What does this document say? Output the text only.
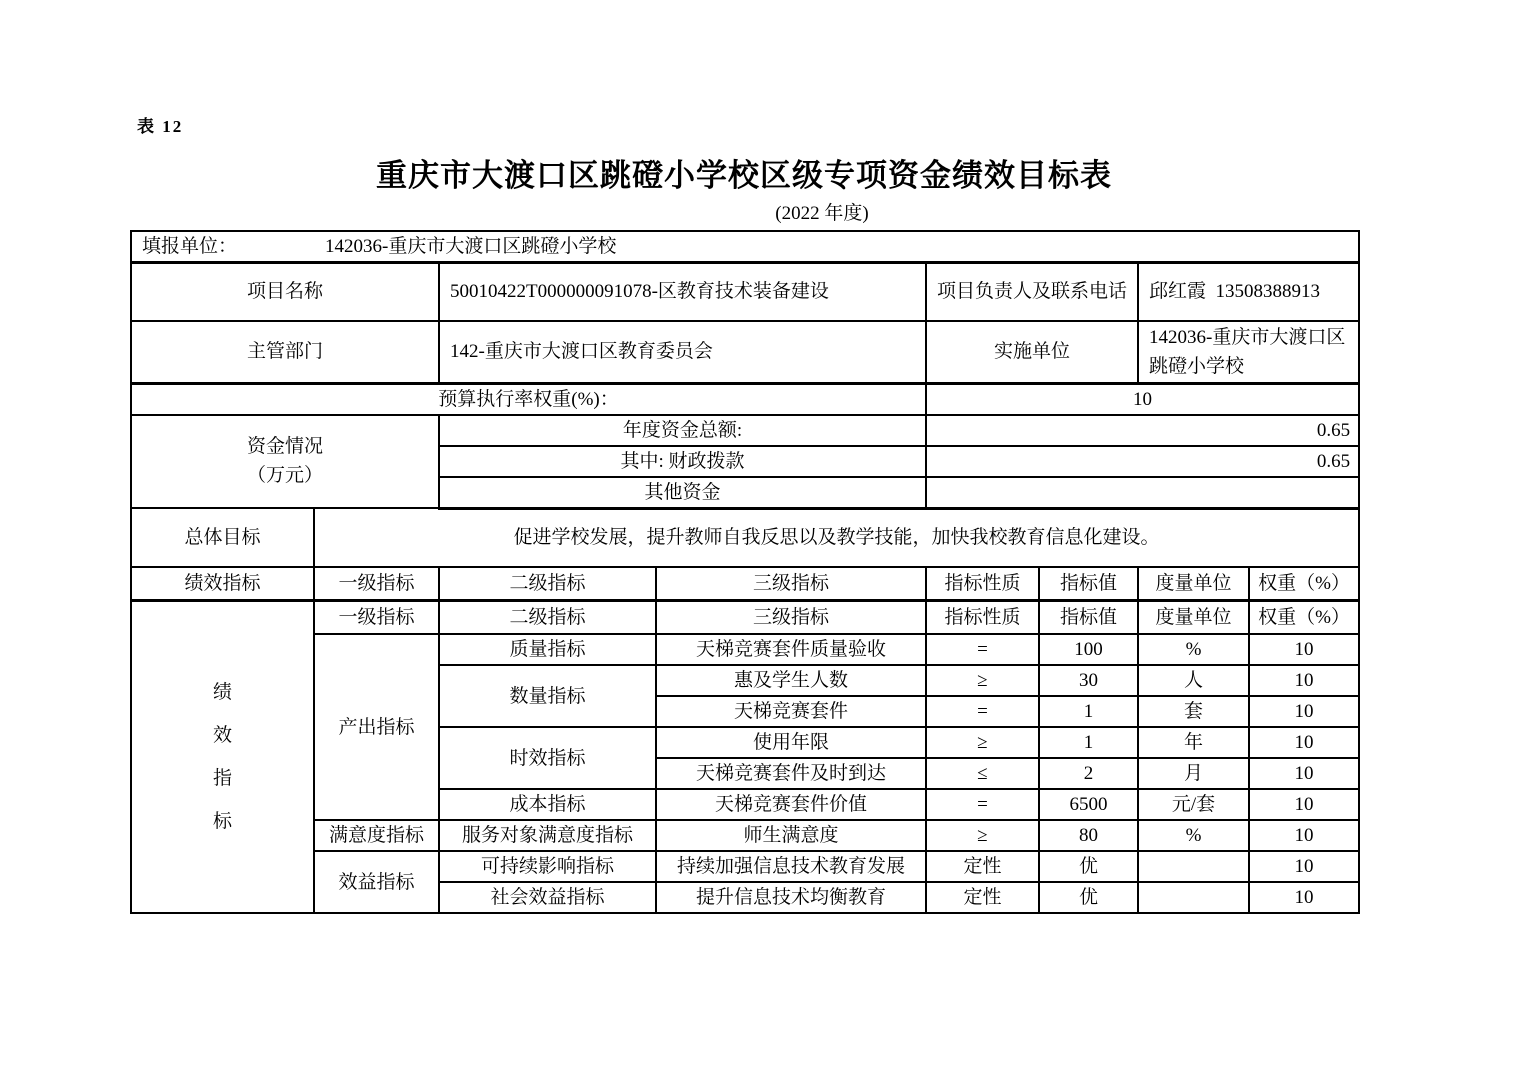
表 12
重庆市大渡口区跳磴小学校区级专项资金绩效目标表
(2022 年度)
填报单位： 142036-重庆市大渡口区跳磴小学校							
项目名称		50010422T000000091078-区教育技术装备建设		项目负责人及联系电话		邱红霞  13508388913	
主管部门		142-重庆市大渡口区教育委员会		实施单位		142036-重庆市大渡口区跳磴小学校	
预算执行率权重(%)：				10			

资金情况
（万元）		年度资金总额:		0.65			
		其中: 财政拨款		0.65			
		其他资金					
总体目标	促进学校发展，提升教师自我反思以及教学技能，加快我校教育信息化建设。						
绩效指标	一级指标	二级指标	三级指标	指标性质	指标值	度量单位	权重（%）

绩效指标	一级指标	二级指标	三级指标	指标性质	指标值	度量单位	权重（%）
	产出指标	质量指标	天梯竞赛套件质量验收	=	100	%	10
		数量指标	惠及学生人数	≥	30	人	10
			天梯竞赛套件	=	1	套	10
		时效指标	使用年限	≥	1	年	10
			天梯竞赛套件及时到达	≤	2	月	10
		成本指标	天梯竞赛套件价值	=	6500	元/套	10
	满意度指标	服务对象满意度指标	师生满意度	≥	80	%	10
	效益指标	可持续影响指标	持续加强信息技术教育发展	定性	优		10
		社会效益指标	提升信息技术均衡教育	定性	优		10
